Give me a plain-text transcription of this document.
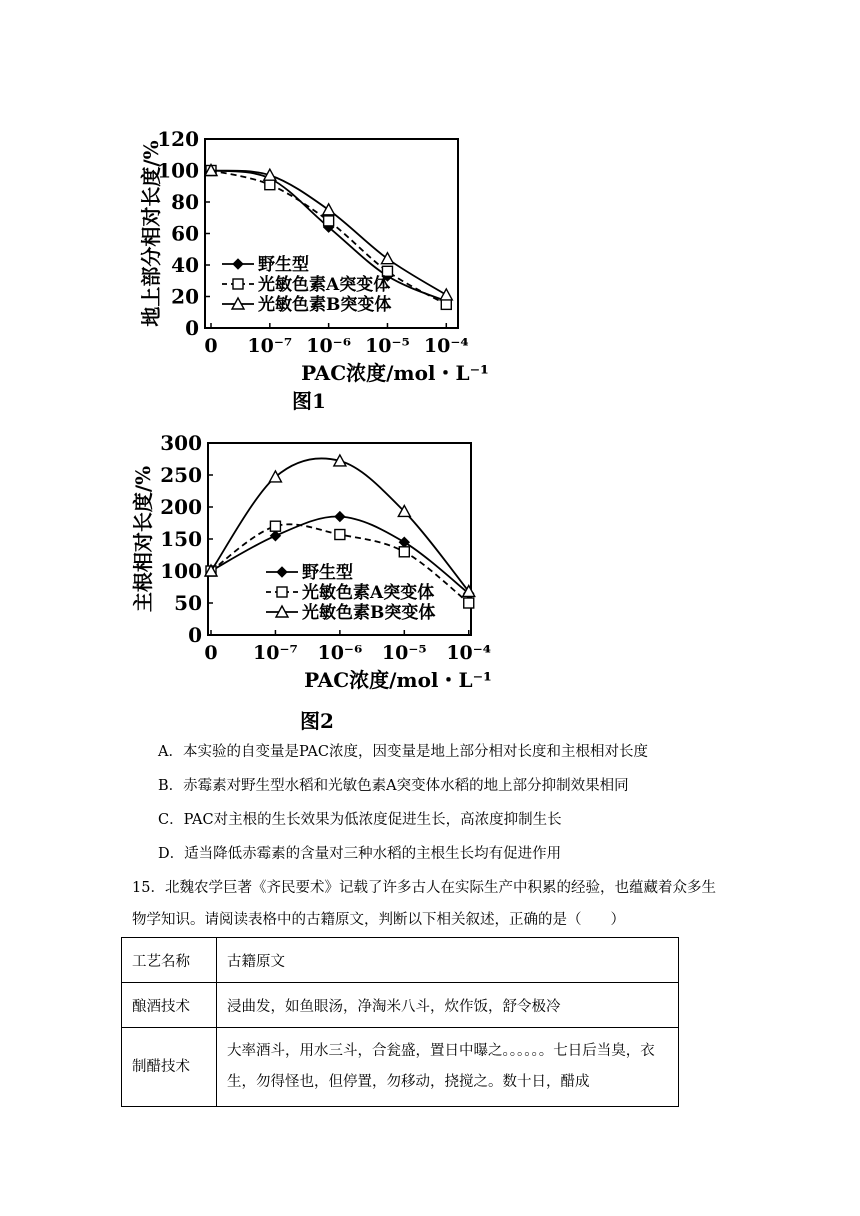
0
20
40
60
80
100
120
0 10⁻⁷ 10⁻⁶ 10⁻⁵ 10⁻⁴
地上部分相对长度/%
PAC浓度/mol・L⁻¹
野生型
光敏色素A突变体
光敏色素B突变体
图1
0
50
100
150
200
250
300
0 10⁻⁷ 10⁻⁶ 10⁻⁵ 10⁻⁴
主根相对长度/%
PAC浓度/mol・L⁻¹
野生型
光敏色素A突变体
光敏色素B突变体
图2
A．本实验的自变量是PAC浓度，因变量是地上部分相对长度和主根相对长度
B．赤霉素对野生型水稻和光敏色素A突变体水稻的地上部分抑制效果相同
C．PAC对主根的生长效果为低浓度促进生长，高浓度抑制生长
D．适当降低赤霉素的含量对三种水稻的主根生长均有促进作用

15．北魏农学巨著《齐民要术》记载了许多古人在实际生产中积累的经验，也蕴藏着众多生

物学知识。请阅读表格中的古籍原文，判断以下相关叙述，正确的是（　　）

工艺名称	古籍原文
酿酒技术	浸曲发，如鱼眼汤，净淘米八斗，炊作饭，舒令极冷
制醋技术	大率酒斗，用水三斗，合瓮盛，置日中曝之。。。。。。七日后当臭，衣生，勿得怪也，但停置，勿移动，挠搅之。数十日，醋成
